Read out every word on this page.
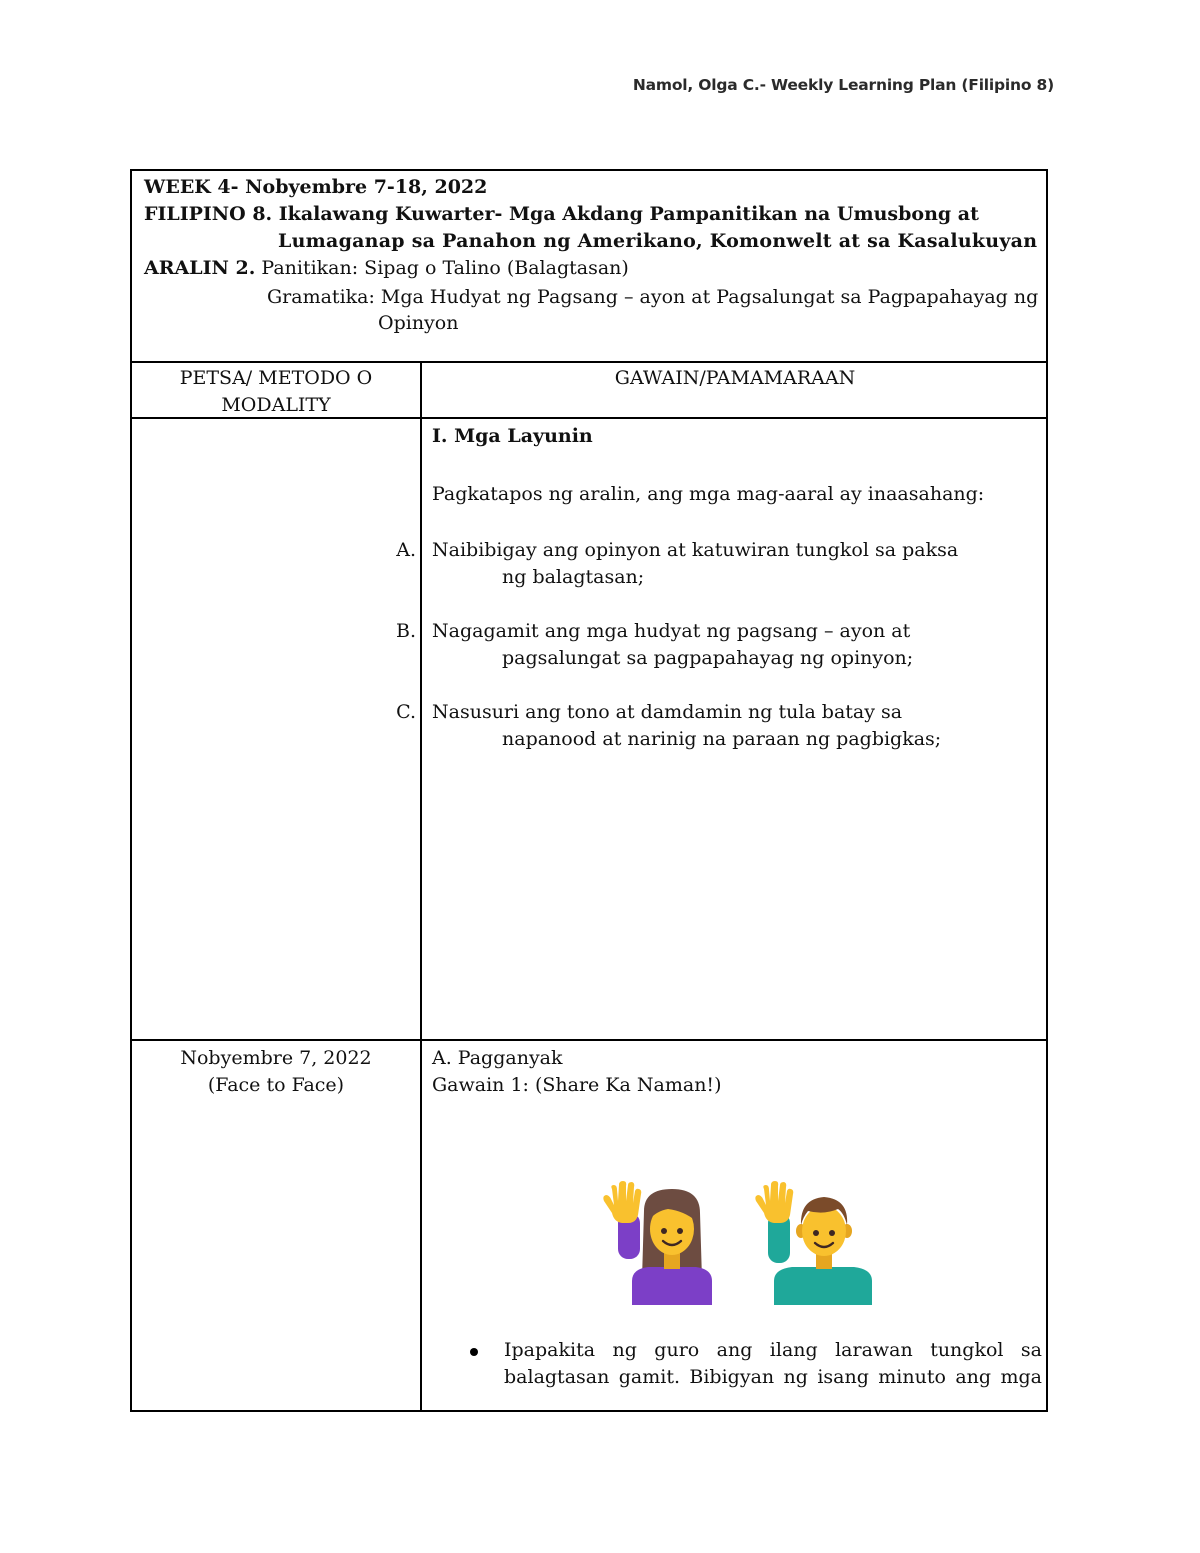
Namol, Olga C.- Weekly Learning Plan (Filipino 8)
WEEK 4- Nobyembre 7-18, 2022
FILIPINO 8. Ikalawang Kuwarter- Mga Akdang Pampanitikan na Umusbong at
Lumaganap sa Panahon ng Amerikano, Komonwelt at sa Kasalukuyan
ARALIN 2. Panitikan: Sipag o Talino (Balagtasan)
Gramatika: Mga Hudyat ng Pagsang – ayon at Pagsalungat sa Pagpapahayag ng
Opinyon
PETSA/ METODO O
MODALITY
GAWAIN/PAMAMARAAN
I. Mga Layunin
Pagkatapos ng aralin, ang mga mag-aaral ay inaasahang:
A. Naibibigay ang opinyon at katuwiran tungkol sa paksa
ng balagtasan;
B. Nagagamit ang mga hudyat ng pagsang – ayon at
pagsalungat sa pagpapahayag ng opinyon;
C. Nasusuri ang tono at damdamin ng tula batay sa
napanood at narinig na paraan ng pagbigkas;
Nobyembre 7, 2022
(Face to Face)
A. Pagganyak
Gawain 1: (Share Ka Naman!)
Ipapakita ng guro ang ilang larawan tungkol sa
balagtasan gamit. Bibigyan ng isang minuto ang mga
